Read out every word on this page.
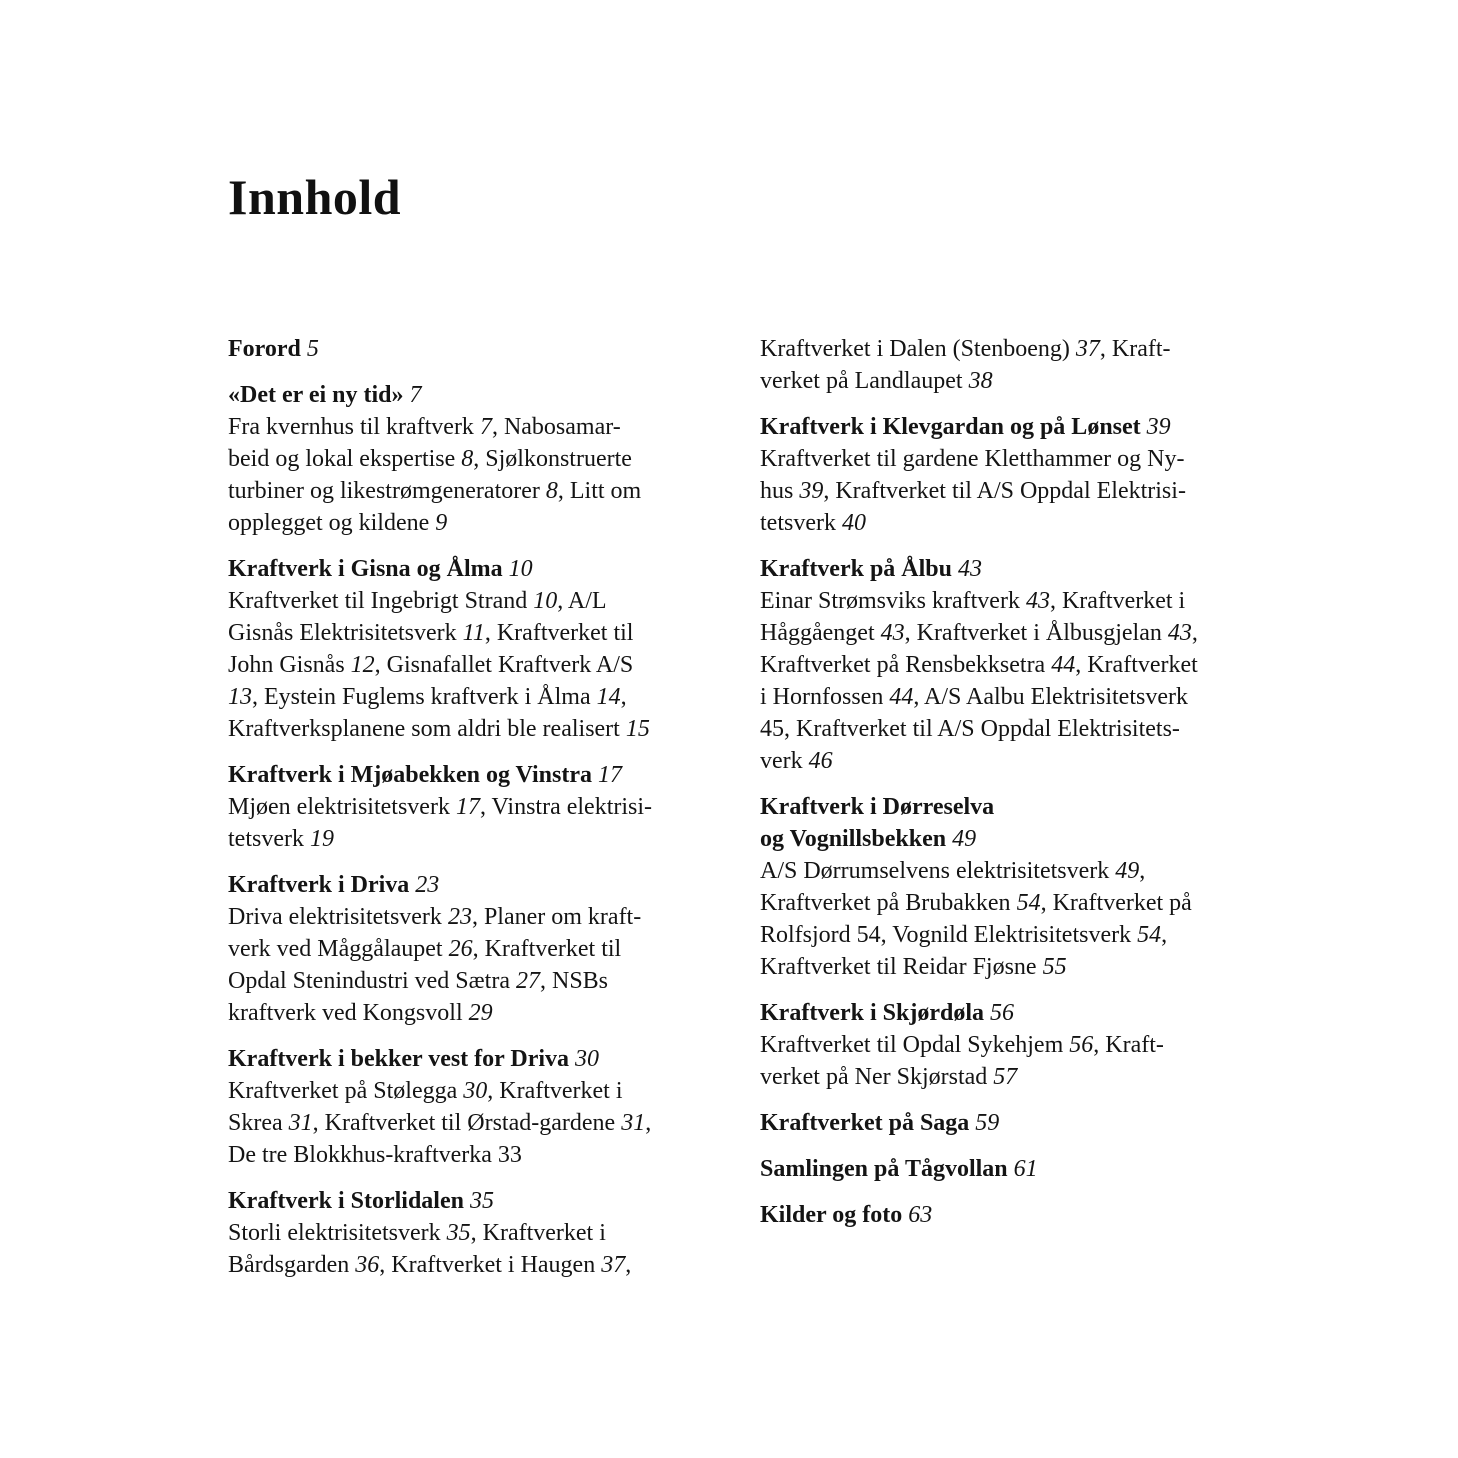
Innhold
Forord 5
«Det er ei ny tid» 7
Fra kvernhus til kraftverk 7, Nabosamar-
beid og lokal ekspertise 8, Sjølkonstruerte
turbiner og likestrømgeneratorer 8, Litt om
opplegget og kildene 9
Kraftverk i Gisna og Ålma 10
Kraftverket til Ingebrigt Strand 10, A/L
Gisnås Elektrisitetsverk 11, Kraftverket til
John Gisnås 12, Gisnafallet Kraftverk A/S
13, Eystein Fuglems kraftverk i Ålma 14,
Kraftverksplanene som aldri ble realisert 15
Kraftverk i Mjøabekken og Vinstra 17
Mjøen elektrisitetsverk 17, Vinstra elektrisi-
tetsverk 19
Kraftverk i Driva 23
Driva elektrisitetsverk 23, Planer om kraft-
verk ved Måggålaupet 26, Kraftverket til
Opdal Stenindustri ved Sætra 27, NSBs
kraftverk ved Kongsvoll 29
Kraftverk i bekker vest for Driva 30
Kraftverket på Stølegga 30, Kraftverket i
Skrea 31, Kraftverket til Ørstad-gardene 31,
De tre Blokkhus-kraftverka 33
Kraftverk i Storlidalen 35
Storli elektrisitetsverk 35, Kraftverket i
Bårdsgarden 36, Kraftverket i Haugen 37,
Kraftverket i Dalen (Stenboeng) 37, Kraft-
verket på Landlaupet 38
Kraftverk i Klevgardan og på Lønset 39
Kraftverket til gardene Kletthammer og Ny-
hus 39, Kraftverket til A/S Oppdal Elektrisi-
tetsverk 40
Kraftverk på Ålbu 43
Einar Strømsviks kraftverk 43, Kraftverket i
Håggåenget 43, Kraftverket i Ålbusgjelan 43,
Kraftverket på Rensbekksetra 44, Kraftverket
i Hornfossen 44, A/S Aalbu Elektrisitetsverk
45, Kraftverket til A/S Oppdal Elektrisitets-
verk 46
Kraftverk i Dørreselva
og Vognillsbekken 49
A/S Dørrumselvens elektrisitetsverk 49,
Kraftverket på Brubakken 54, Kraftverket på
Rolfsjord 54, Vognild Elektrisitetsverk 54,
Kraftverket til Reidar Fjøsne 55
Kraftverk i Skjørdøla 56
Kraftverket til Opdal Sykehjem 56, Kraft-
verket på Ner Skjørstad 57
Kraftverket på Saga 59
Samlingen på Tågvollan 61
Kilder og foto 63
